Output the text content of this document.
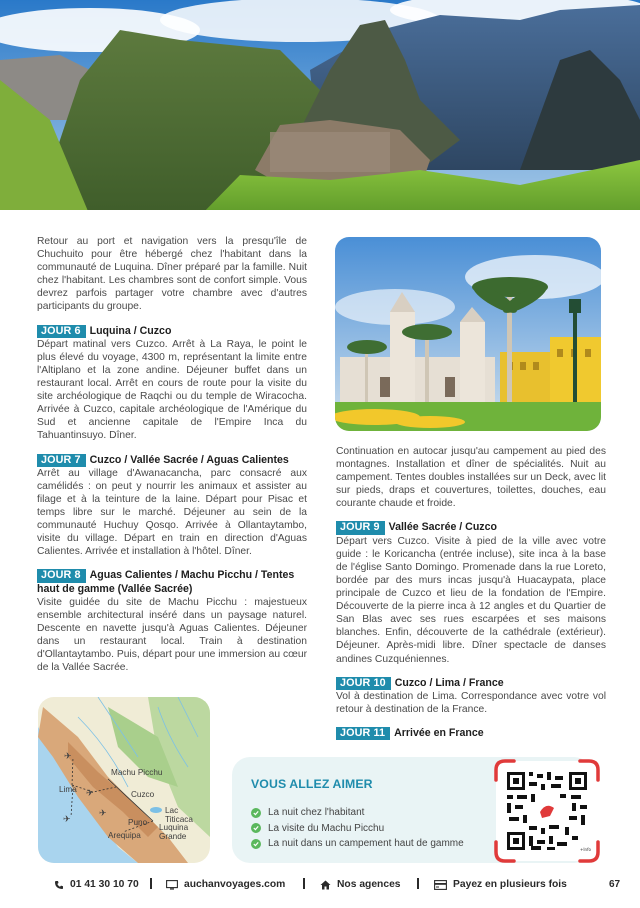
Retour au port et navigation vers la presqu'île de Chuchuito pour être hébergé chez l'habitant dans la communauté de Luquina. Dîner préparé par la famille. Nuit chez l'habitant. Les chambres sont de confort simple. Vous devrez parfois partager votre chambre avec d'autres participants du groupe.

JOUR 6 Luquina / Cuzco
Départ matinal vers Cuzco. Arrêt à La Raya, le point le plus élevé du voyage, 4300 m, représentant la limite entre l'Altiplano et la zone andine. Déjeuner buffet dans un restaurant local. Arrêt en cours de route pour la visite du site archéologique de Raqchi ou du temple de Wiracocha. Arrivée à Cuzco, capitale archéologique de l'Amérique du Sud et ancienne capitale de l'Empire Inca du Tahuantinsuyo. Dîner.
JOUR 7 Cuzco / Vallée Sacrée / Aguas Calientes
Arrêt au village d'Awanacancha, parc consacré aux camélidés : on peut y nourrir les animaux et assister au filage et à la teinture de la laine. Départ pour Pisac et temps libre sur le marché. Déjeuner au sein de la communauté Huchuy Qosqo. Arrivée à Ollantaytambo, visite du village. Départ en train en direction d'Aguas Calientes. Arrivée et installation à l'hôtel. Dîner.
JOUR 8 Aguas Calientes / Machu Picchu / Tentes haut de gamme (Vallée Sacrée)
Visite guidée du site de Machu Picchu : majestueux ensemble architectural inséré dans un paysage naturel. Descente en navette jusqu'à Aguas Calientes. Déjeuner dans un restaurant local. Train à destination d'Ollantaytambo. Puis, départ pour une immersion au cœur de la Vallée Sacrée.

Continuation en autocar jusqu'au campement au pied des montagnes. Installation et dîner de spécialités. Nuit au campement. Tentes doubles installées sur un Deck, avec lit sur pieds, draps et couvertures, toilettes, douches, eau courante chaude et froide.

JOUR 9 Vallée Sacrée / Cuzco
Départ vers Cuzco. Visite à pied de la ville avec votre guide : le Koricancha (entrée incluse), site inca à la base de l'église Santo Domingo. Promenade dans la rue Loreto, bordée par des murs incas jusqu'à Huacaypata, place principale de Cuzco et lieu de la fondation de l'Empire. Découverte de la pierre inca à 12 angles et du Quartier de San Blas avec ses rues escarpées et ses maisons blanches. Enfin, découverte de la cathédrale (extérieur). Déjeuner. Après-midi libre. Dîner spectacle de danses andines Cuzquéniennes.
JOUR 10 Cuzco / Lima / France
Vol à destination de Lima. Correspondance avec votre vol retour à destination de la France.
JOUR 11 Arrivée en France
✈
✈
✈
✈
Machu Picchu
Lima
Cuzco
Lac Titicaca
Puno
Luquina Grande
Arequipa
VOUS ALLEZ AIMER
La nuit chez l'habitant
La visite du Machu Picchu
La nuit dans un campement haut de gamme
+Info
01 41 30 10 70	auchanvoyages.com	Nos agences	Payez en plusieurs fois	67
